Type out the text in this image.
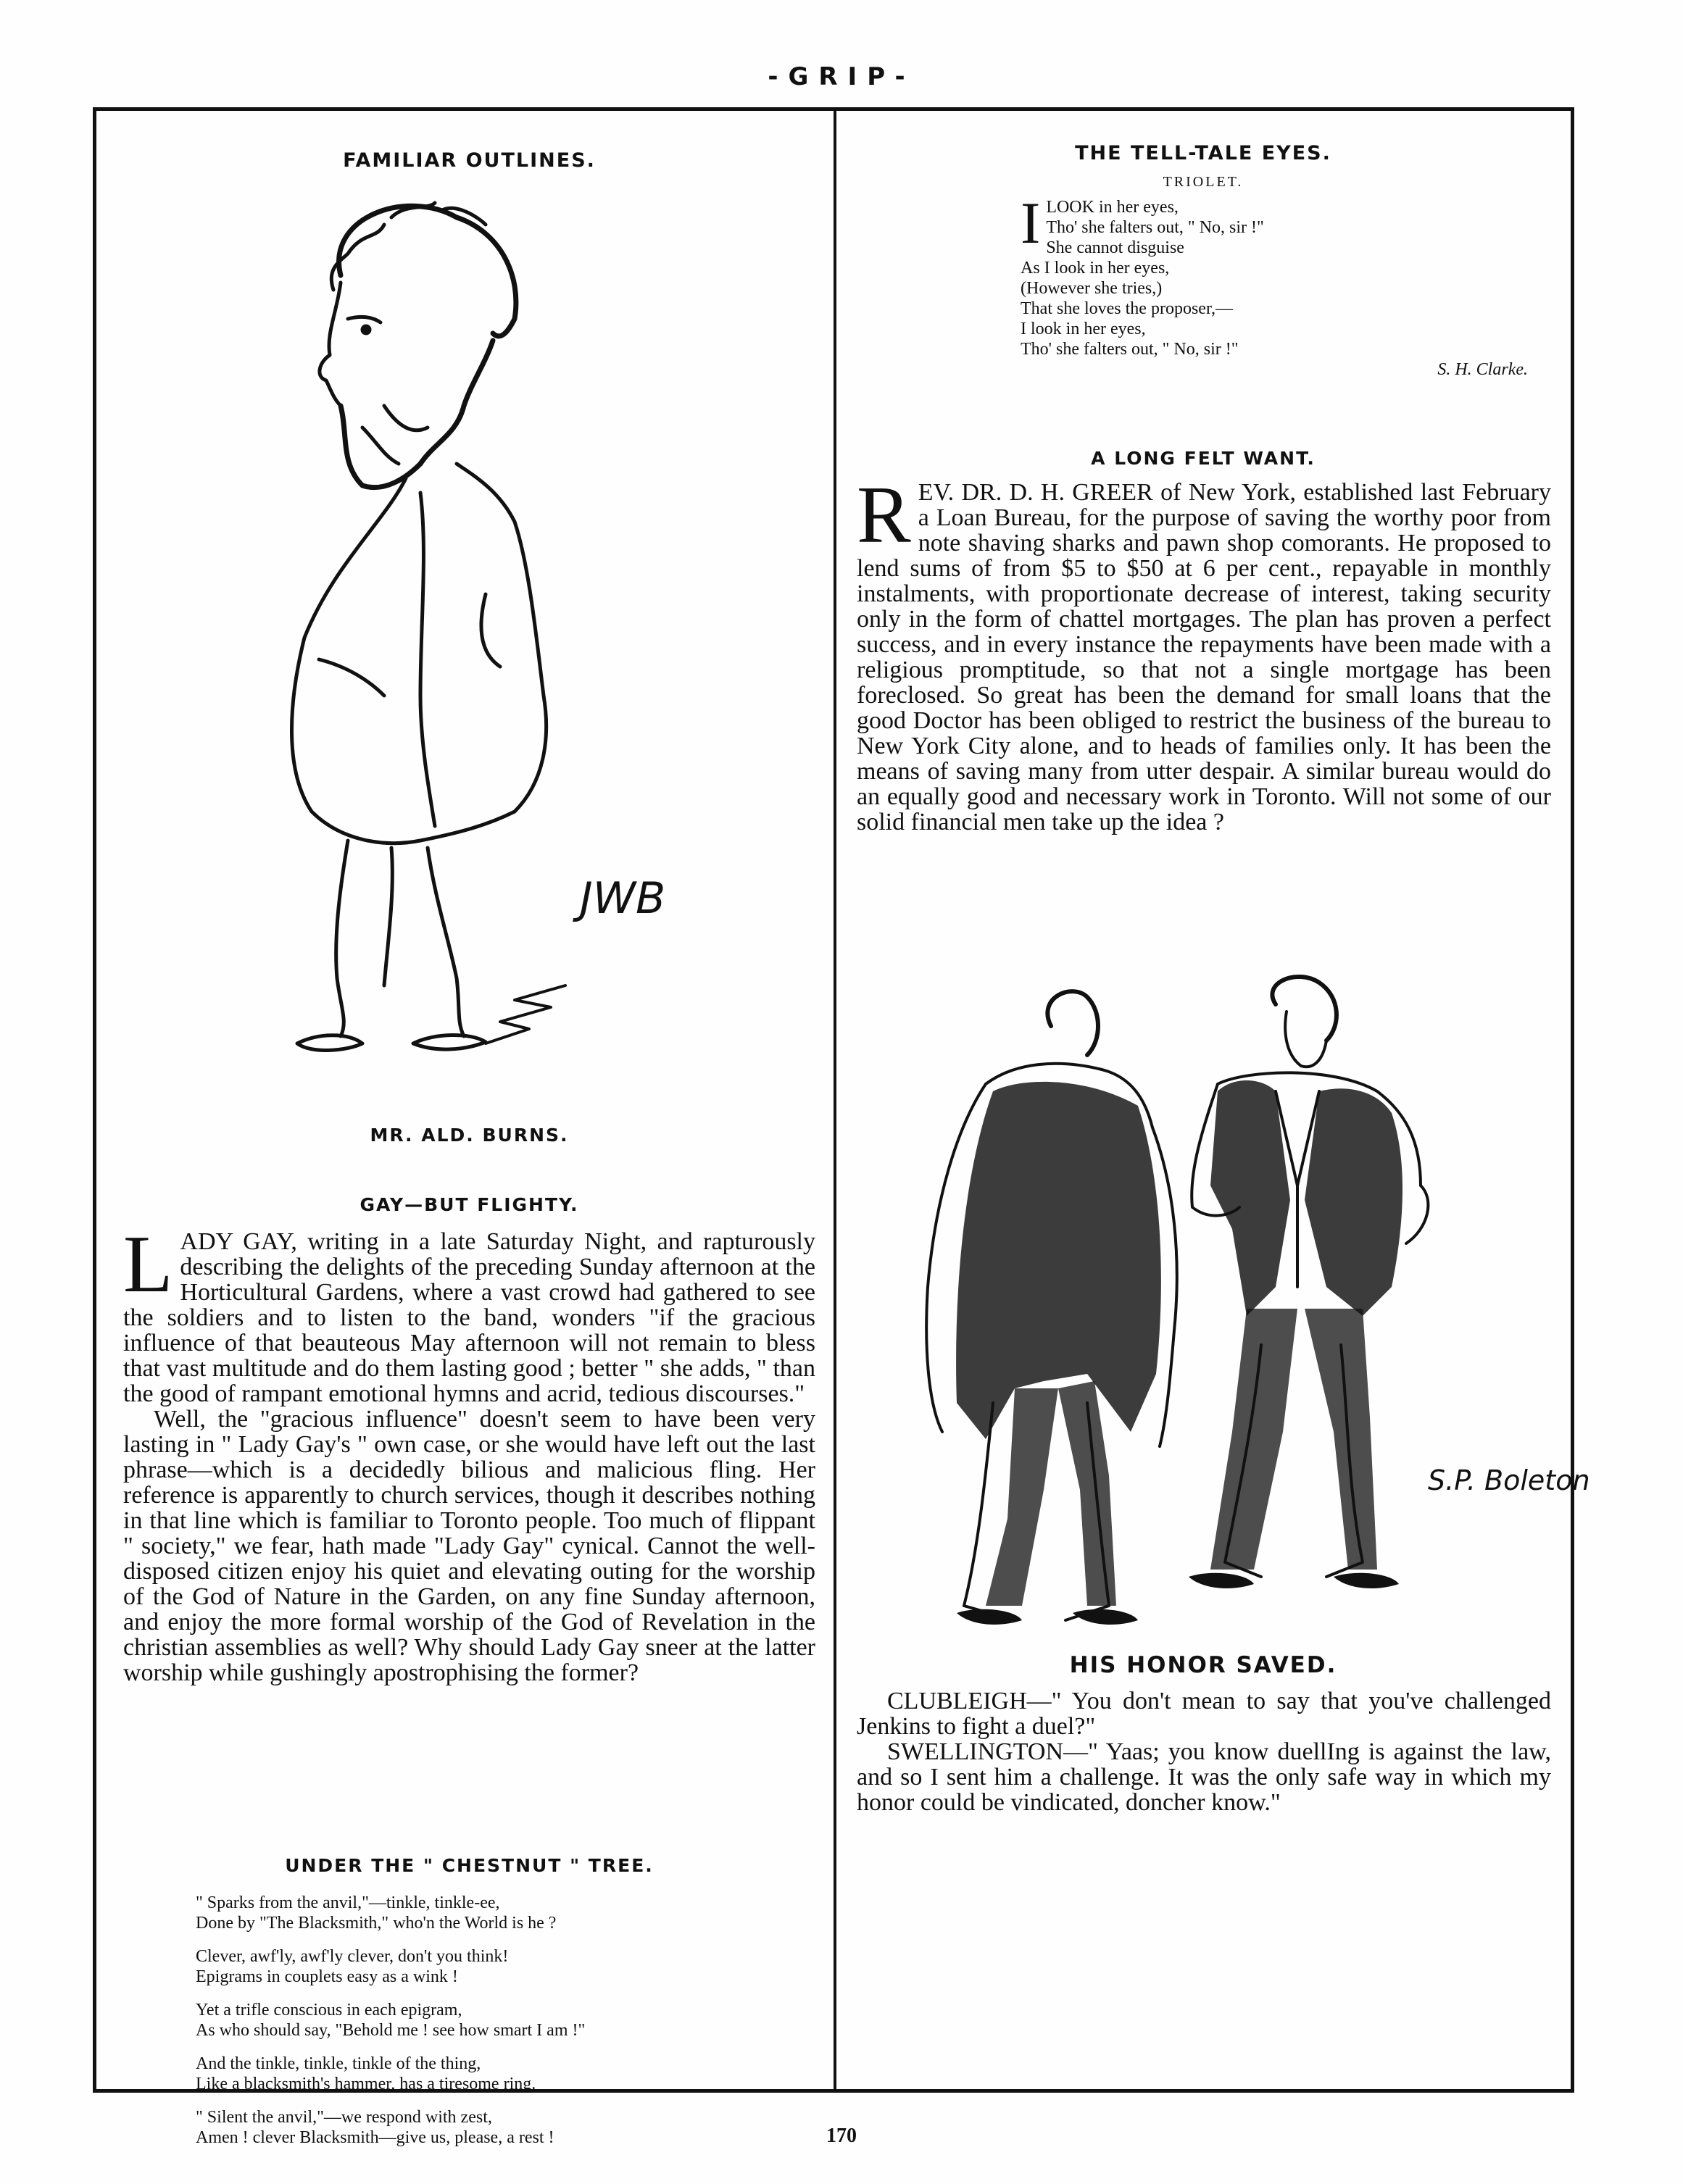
-GRIP-
FAMILIAR OUTLINES.
JWB
MR. ALD. BURNS.
GAY—BUT FLIGHTY.

LADY GAY, writing in a late Saturday Night, and rapturously describing the delights of the preceding Sunday afternoon at the Horticultural Gardens, where a vast crowd had gathered to see the soldiers and to listen to the band, wonders "if the gracious influence of that beauteous May afternoon will not remain to bless that vast multitude and do them lasting good ; better " she adds, " than the good of rampant emotional hymns and acrid, tedious discourses."

Well, the "gracious influence" doesn't seem to have been very lasting in " Lady Gay's " own case, or she would have left out the last phrase—which is a decidedly bilious and malicious fling. Her reference is apparently to church services, though it describes nothing in that line which is familiar to Toronto people. Too much of flippant " society," we fear, hath made "Lady Gay" cynical. Cannot the well-disposed citizen enjoy his quiet and elevating outing for the worship of the God of Nature in the Garden, on any fine Sunday afternoon, and enjoy the more formal worship of the God of Revelation in the christian assemblies as well? Why should Lady Gay sneer at the latter worship while gushingly apostrophising the former?

UNDER THE " CHESTNUT " TREE.
" Sparks from the anvil,"—tinkle, tinkle-ee,
Done by "The Blacksmith," who'n the World is he ?
Clever, awf'ly, awf'ly clever, don't you think!
Epigrams in couplets easy as a wink !
Yet a trifle conscious in each epigram,
As who should say, "Behold me ! see how smart I am !"
And the tinkle, tinkle, tinkle of the thing,
Like a blacksmith's hammer, has a tiresome ring.
" Silent the anvil,"—we respond with zest,
Amen ! clever Blacksmith—give us, please, a rest !
THE TELL-TALE EYES.
TRIOLET.
I LOOK in her eyes,
Tho' she falters out, " No, sir !"
She cannot disguise
As I look in her eyes,
(However she tries,)
That she loves the proposer,—
I look in her eyes,
Tho' she falters out, " No, sir !"
S. H. Clarke.
A LONG FELT WANT.

REV. DR. D. H. GREER of New York, established last February a Loan Bureau, for the purpose of saving the worthy poor from note shaving sharks and pawn shop comorants. He proposed to lend sums of from $5 to $50 at 6 per cent., repayable in monthly instalments, with proportionate decrease of interest, taking security only in the form of chattel mortgages. The plan has proven a perfect success, and in every instance the repayments have been made with a religious promptitude, so that not a single mortgage has been foreclosed. So great has been the demand for small loans that the good Doctor has been obliged to restrict the business of the bureau to New York City alone, and to heads of families only. It has been the means of saving many from utter despair. A similar bureau would do an equally good and necessary work in Toronto. Will not some of our solid financial men take up the idea ?

S.P. Boleton
HIS HONOR SAVED.

CLUBLEIGH—" You don't mean to say that you've challenged Jenkins to fight a duel?"

SWELLINGTON—" Yaas; you know duellIng is against the law, and so I sent him a challenge. It was the only safe way in which my honor could be vindicated, doncher know."

170
